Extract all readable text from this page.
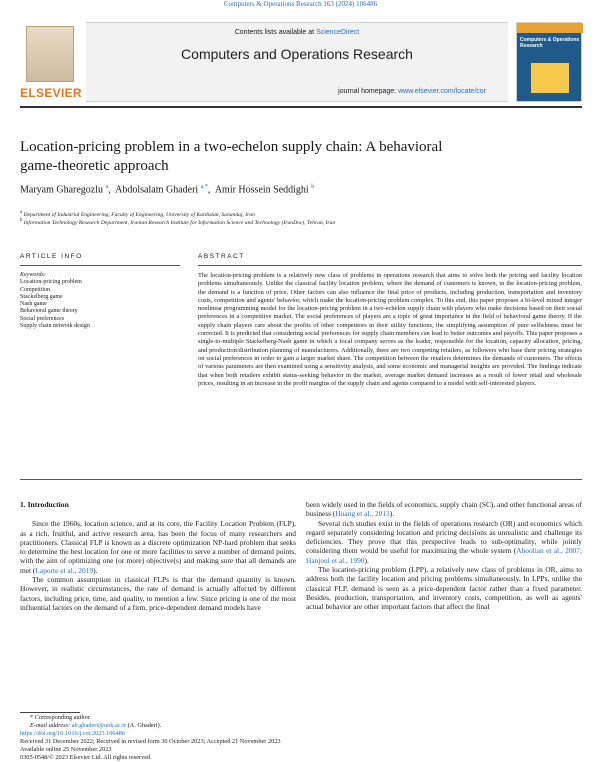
Computers & Operations Research 163 (2024) 106486
ELSEVIER
Contents lists available at ScienceDirect
Computers and Operations Research
journal homepage: www.elsevier.com/locate/cor
Computers & Operations Research
Location-pricing problem in a two-echelon supply chain: A behavioral
game-theoretic approach
Maryam Gharegozlu $^a$,  Abdolsalam Ghaderi $^{a,*}$,  Amir Hossein Seddighi $^b$
$^a$ Department of Industrial Engineering, Faculty of Engineering, University of Kurdistan, Sanandaj, Iran
$^b$ Information Technology Research Department, Iranian Research Institute for Information Science and Technology (IranDoc), Tehran, Iran
ARTICLE INFO	ABSTRACT
Keywords:
Location-pricing problem
Competition
Stackelberg game
Nash game
Behavioral game theory
Social preferences
Supply chain network design
The location-pricing problem is a relatively new class of problems in operations research that aims to solve both the pricing and facility location problems simultaneously. Unlike the classical facility location problem, where the demand of customers is known, in the location-pricing problem, the demand is a function of price. Other factors can also influence the final price of products, including production, transportation and inventory costs, competition and agents' behavior, which make the location-pricing problem complex. To this end, this paper proposes a bi-level mixed integer nonlinear programming model for the location-pricing problem in a two-echelon supply chain with players who make decisions based on their social preferences in a competitive market. The social preferences of players are a topic of great importance in the field of behavioral game theory. If the supply chain players care about the profits of other competitors in their utility functions, the simplifying assumption of pure selfishness must be corrected. It is predicted that considering social preferences for supply chain members can lead to better outcomes and payoffs. This paper proposes a single-to-multiple Stackelberg-Nash game in which a focal company serves as the leader, responsible for the location, capacity allocation, pricing, and production/distribution planning of manufacturers. Additionally, there are two competing retailers, as followers who base their pricing strategies on social preferences in order to gain a larger market share. The competition between the retailers determines the demands of customers. The effects of various parameters are then examined using a sensitivity analysis, and some economic and managerial insights are provided. The findings indicate that when both retailers exhibit status-seeking behavior in the market, average market demand increases as a result of lower retail and wholesale prices, resulting in an increase in the profit margins of the supply chain and agents compared to a model with self-interested players.
1. Introduction

Since the 1960s, location science, and at its core, the Facility Location Problem (FLP), as a rich, fruitful, and active research area, has been the focus of many researchers and practitioners. Classical FLP is known as a discrete optimization NP-hard problem that seeks to determine the best location for one or more facilities to serve a number of demand points, with the aim of optimizing one (or more) objective(s) and making sure that all demands are met (Laporte et al., 2019).

The common assumption in classical FLPs is that the demand quantity is known. However, in realistic circumstances, the rate of demand is actually affected by different factors, including price, time, and quality, to mention a few. Since pricing is one of the most influential factors on the demand of a firm, price-dependent demand models have

been widely used in the fields of economics, supply chain (SC), and other functional areas of business (Huang et al., 2013).

Several rich studies exist in the fields of operations research (OR) and economics which regard separately considering location and pricing decisions as unrealistic and challenge its deficiencies. They prove that this perspective leads to sub-optimality, while jointly considering them would be useful for maximizing the whole system (Aboolian et al., 2007; Hanjoul et al., 1990).

The location-pricing problem (LPP), a relatively new class of problems in OR, aims to address both the facility location and pricing problems simultaneously. In LPPs, unlike the classical FLP, demand is seen as a price-dependent factor rather than a fixed parameter. Besides, production, transportation, and inventory costs, competition, as well as agents' actual behavior are other important factors that affect the final

* Corresponding author.
E-mail address: ab.ghaderi@uok.ac.ir (A. Ghaderi).
https://doi.org/10.1016/j.cor.2023.106486
Received 31 December 2022; Received in revised form 30 October 2023; Accepted 21 November 2023
Available online 25 November 2023
0305-0548/© 2023 Elsevier Ltd. All rights reserved.
